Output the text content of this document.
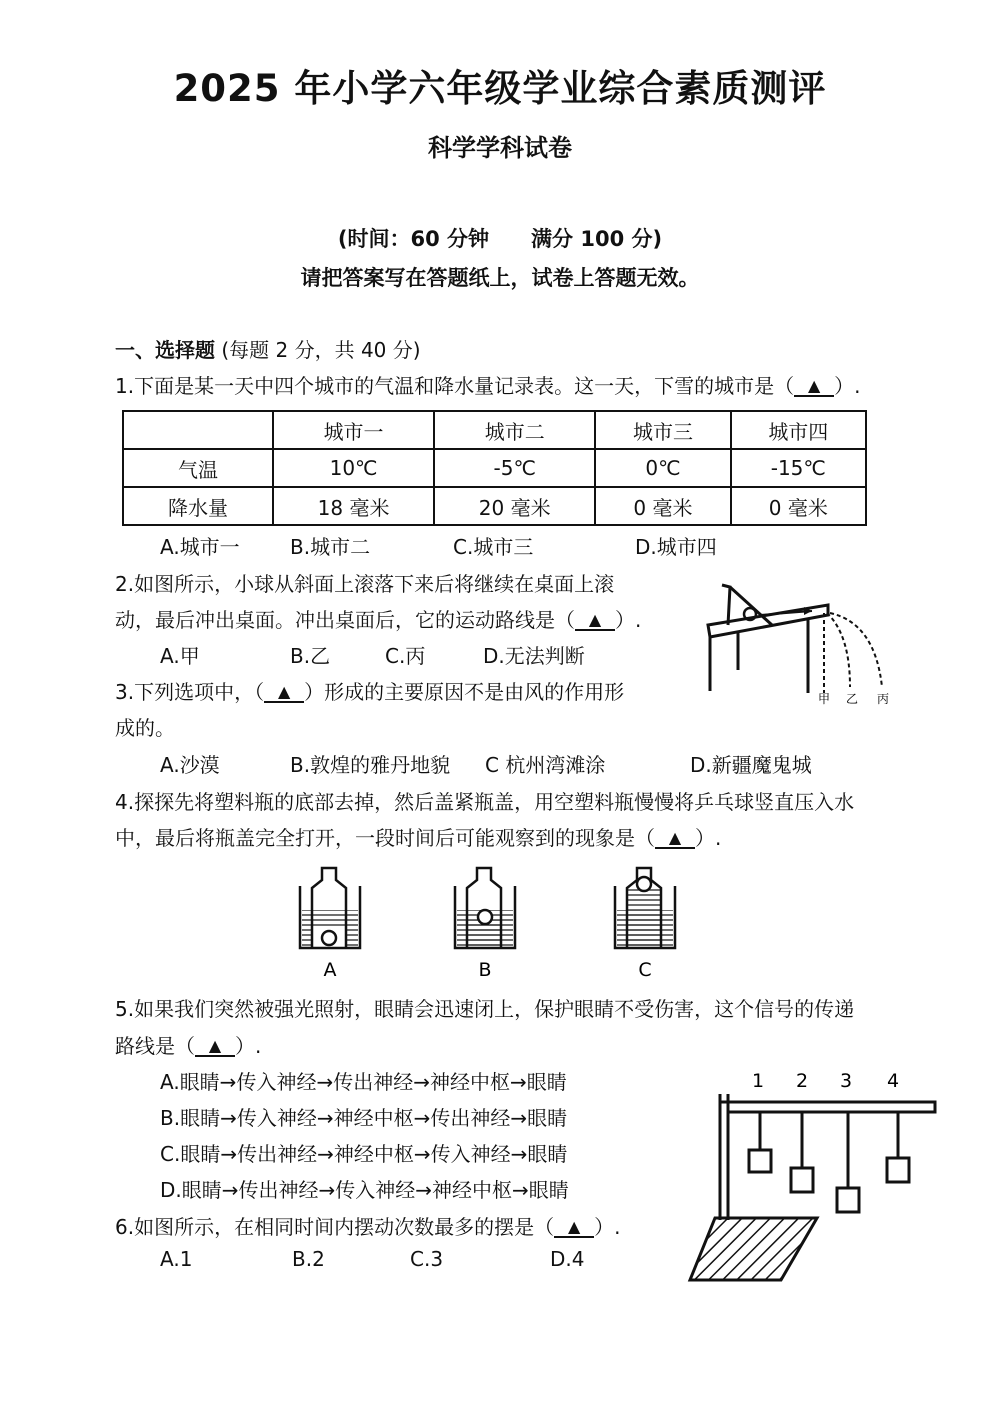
2025 年小学六年级学业综合素质测评
科学学科试卷
(时间：60 分钟　　满分 100 分)
请把答案写在答题纸上，试卷上答题无效。
一、选择题 (每题 2 分，共 40 分)
1.下面是某一天中四个城市的气温和降水量记录表。这一天，下雪的城市是（ ▲ ）.
	城市一	城市二	城市三	城市四
气温	10℃	-5℃	0℃	-15℃
降水量	18 毫米	20 毫米	0 毫米	0 毫米
A.城市一	B.城市二	C.城市三	D.城市四
2.如图所示，小球从斜面上滚落下来后将继续在桌面上滚
动，最后冲出桌面。冲出桌面后，它的运动路线是（ ▲ ）.
A.甲	B.乙	C.丙	D.无法判断
甲 乙 丙
3.下列选项中，（ ▲ ）形成的主要原因不是由风的作用形
成的。
A.沙漠	B.敦煌的雅丹地貌 C 杭州湾滩涂	D.新疆魔鬼城
4.探探先将塑料瓶的底部去掉，然后盖紧瓶盖，用空塑料瓶慢慢将乒乓球竖直压入水
中，最后将瓶盖完全打开，一段时间后可能观察到的现象是（ ▲ ）.
A	B	C
5.如果我们突然被强光照射，眼睛会迅速闭上，保护眼睛不受伤害，这个信号的传递
路线是（ ▲ ）.
A.眼睛→传入神经→传出神经→神经中枢→眼睛
B.眼睛→传入神经→神经中枢→传出神经→眼睛
C.眼睛→传出神经→神经中枢→传入神经→眼睛
D.眼睛→传出神经→传入神经→神经中枢→眼睛
6.如图所示，在相同时间内摆动次数最多的摆是（ ▲ ）.
A.1	B.2	C.3	D.4
1 2 3 4
